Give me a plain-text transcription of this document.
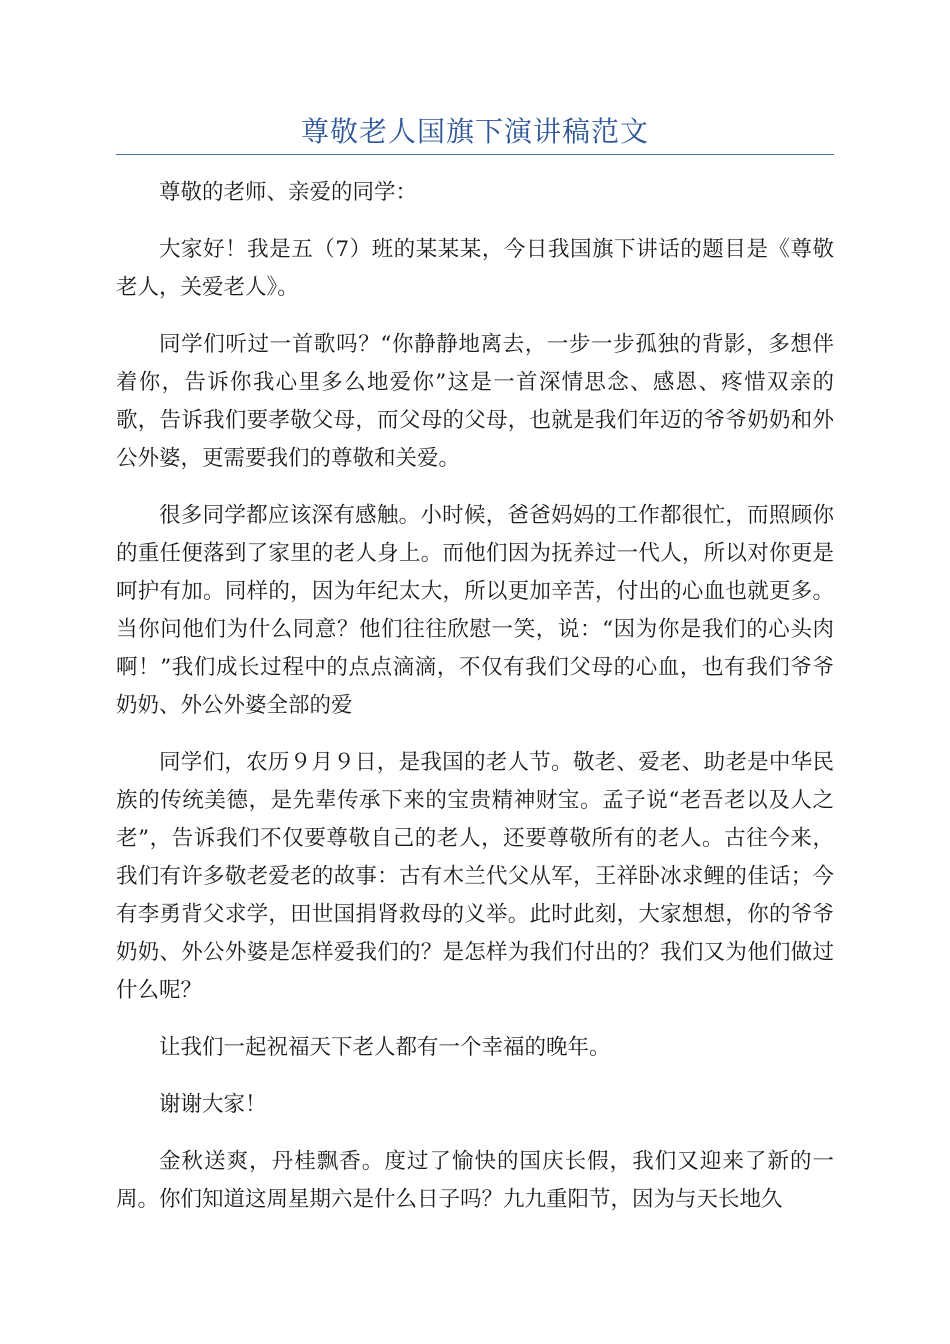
尊敬老人国旗下演讲稿范文

尊敬的老师、亲爱的同学：

大家好！我是五（7）班的某某某，今日我国旗下讲话的题目是《尊敬老人，关爱老人》。

同学们听过一首歌吗？“你静静地离去，一步一步孤独的背影，多想伴着你，告诉你我心里多么地爱你”这是一首深情思念、感恩、疼惜双亲的歌，告诉我们要孝敬父母，而父母的父母，也就是我们年迈的爷爷奶奶和外公外婆，更需要我们的尊敬和关爱。

很多同学都应该深有感触。小时候，爸爸妈妈的工作都很忙，而照顾你的重任便落到了家里的老人身上。而他们因为抚养过一代人，所以对你更是呵护有加。同样的，因为年纪太大，所以更加辛苦，付出的心血也就更多。当你问他们为什么同意？他们往往欣慰一笑，说：“因为你是我们的心头肉啊！”我们成长过程中的点点滴滴，不仅有我们父母的心血，也有我们爷爷奶奶、外公外婆全部的爱

同学们，农历９月９日，是我国的老人节。敬老、爱老、助老是中华民族的传统美德，是先辈传承下来的宝贵精神财宝。孟子说“老吾老以及人之老”，告诉我们不仅要尊敬自己的老人，还要尊敬所有的老人。古往今来，我们有许多敬老爱老的故事：古有木兰代父从军，王祥卧冰求鲤的佳话；今有李勇背父求学，田世国捐肾救母的义举。此时此刻，大家想想，你的爷爷奶奶、外公外婆是怎样爱我们的？是怎样为我们付出的？我们又为他们做过什么呢？

让我们一起祝福天下老人都有一个幸福的晚年。

谢谢大家！

金秋送爽，丹桂飘香。度过了愉快的国庆长假，我们又迎来了新的一周。你们知道这周星期六是什么日子吗？九九重阳节，因为与天长地久
